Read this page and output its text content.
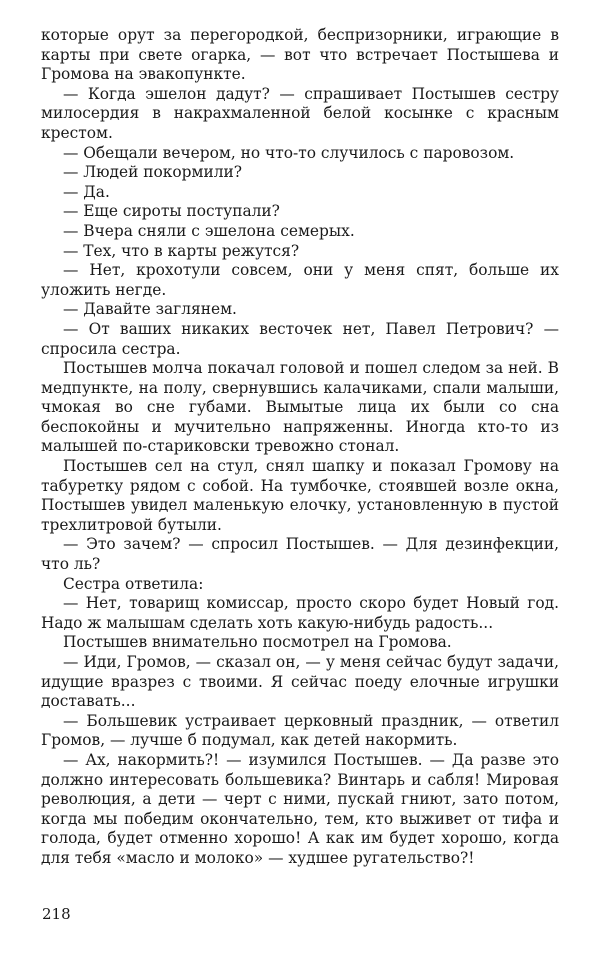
которые орут за перегородкой, беспризорники, играющие в карты при свете огарка, — вот что встречает Постышева и Громова на эвакопункте.

— Когда эшелон дадут? — спрашивает Постышев сестру милосердия в накрахмаленной белой косынке с красным крестом.

— Обещали вечером, но что-то случилось с паровозом.

— Людей покормили?

— Да.

— Еще сироты поступали?

— Вчера сняли с эшелона семерых.

— Тех, что в карты режутся?

— Нет, крохотули совсем, они у меня спят, больше их уложить негде.

— Давайте заглянем.

— От ваших никаких весточек нет, Павел Петрович? — спросила сестра.

Постышев молча покачал головой и пошел следом за ней. В медпункте, на полу, свернувшись калачиками, спали малыши, чмокая во сне губами. Вымытые лица их были со сна беспокойны и мучительно напряженны. Иногда кто-то из малышей по-стариковски тревожно стонал.

Постышев сел на стул, снял шапку и показал Громову на табуретку рядом с собой. На тумбочке, стоявшей возле окна, Постышев увидел маленькую елочку, установленную в пустой трехлитровой бутыли.

— Это зачем? — спросил Постышев. — Для дезинфекции, что ль?

Сестра ответила:

— Нет, товарищ комиссар, просто скоро будет Новый год. Надо ж малышам сделать хоть какую-нибудь радость...

Постышев внимательно посмотрел на Громова.

— Иди, Громов, — сказал он, — у меня сейчас будут задачи, идущие вразрез с твоими. Я сейчас поеду елочные игрушки доставать...

— Большевик устраивает церковный праздник, — ответил Громов, — лучше б подумал, как детей накормить.

— Ах, накормить?! — изумился Постышев. — Да разве это должно интересовать большевика? Винтарь и сабля! Мировая революция, а дети — черт с ними, пускай гниют, зато потом, когда мы победим окончательно, тем, кто выживет от тифа и голода, будет отменно хорошо! А как им будет хорошо, когда для тебя «масло и молоко» — худшее ругательство?!

218
